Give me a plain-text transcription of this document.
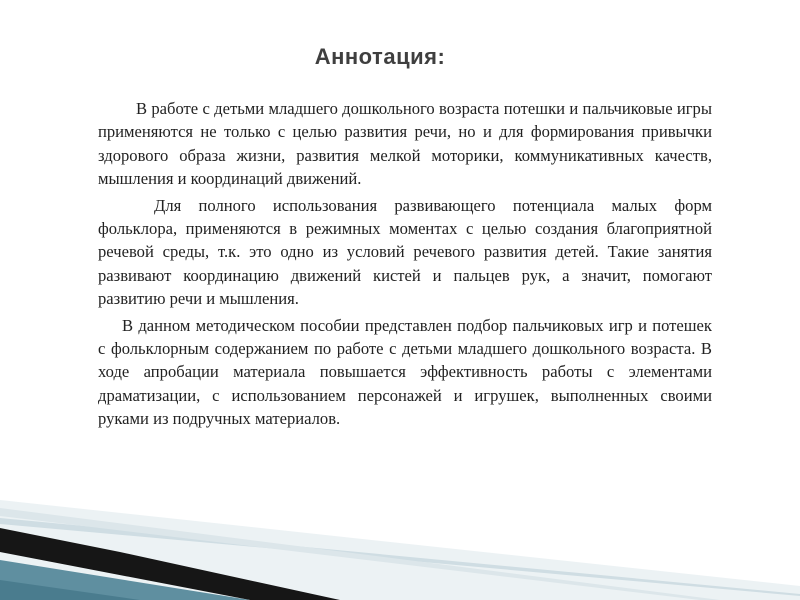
Аннотация:

В работе с детьми младшего дошкольного возраста потешки и пальчиковые игры применяются не только с целью развития речи, но и для формирования привычки здорового образа жизни, развития мелкой моторики, коммуникативных качеств, мышления и координаций движений.

Для полного использования развивающего потенциала малых форм фольклора, применяются в режимных моментах с целью создания благоприятной речевой среды, т.к. это одно из условий речевого развития детей. Такие занятия развивают координацию движений кистей и пальцев рук, а значит, помогают развитию речи и мышления.

В данном методическом пособии представлен подбор пальчиковых игр и потешек с фольклорным содержанием по работе с детьми младшего дошкольного возраста. В ходе апробации материала повышается эффективность работы с элементами драматизации, с использованием персонажей и игрушек, выполненных своими руками из подручных материалов.
